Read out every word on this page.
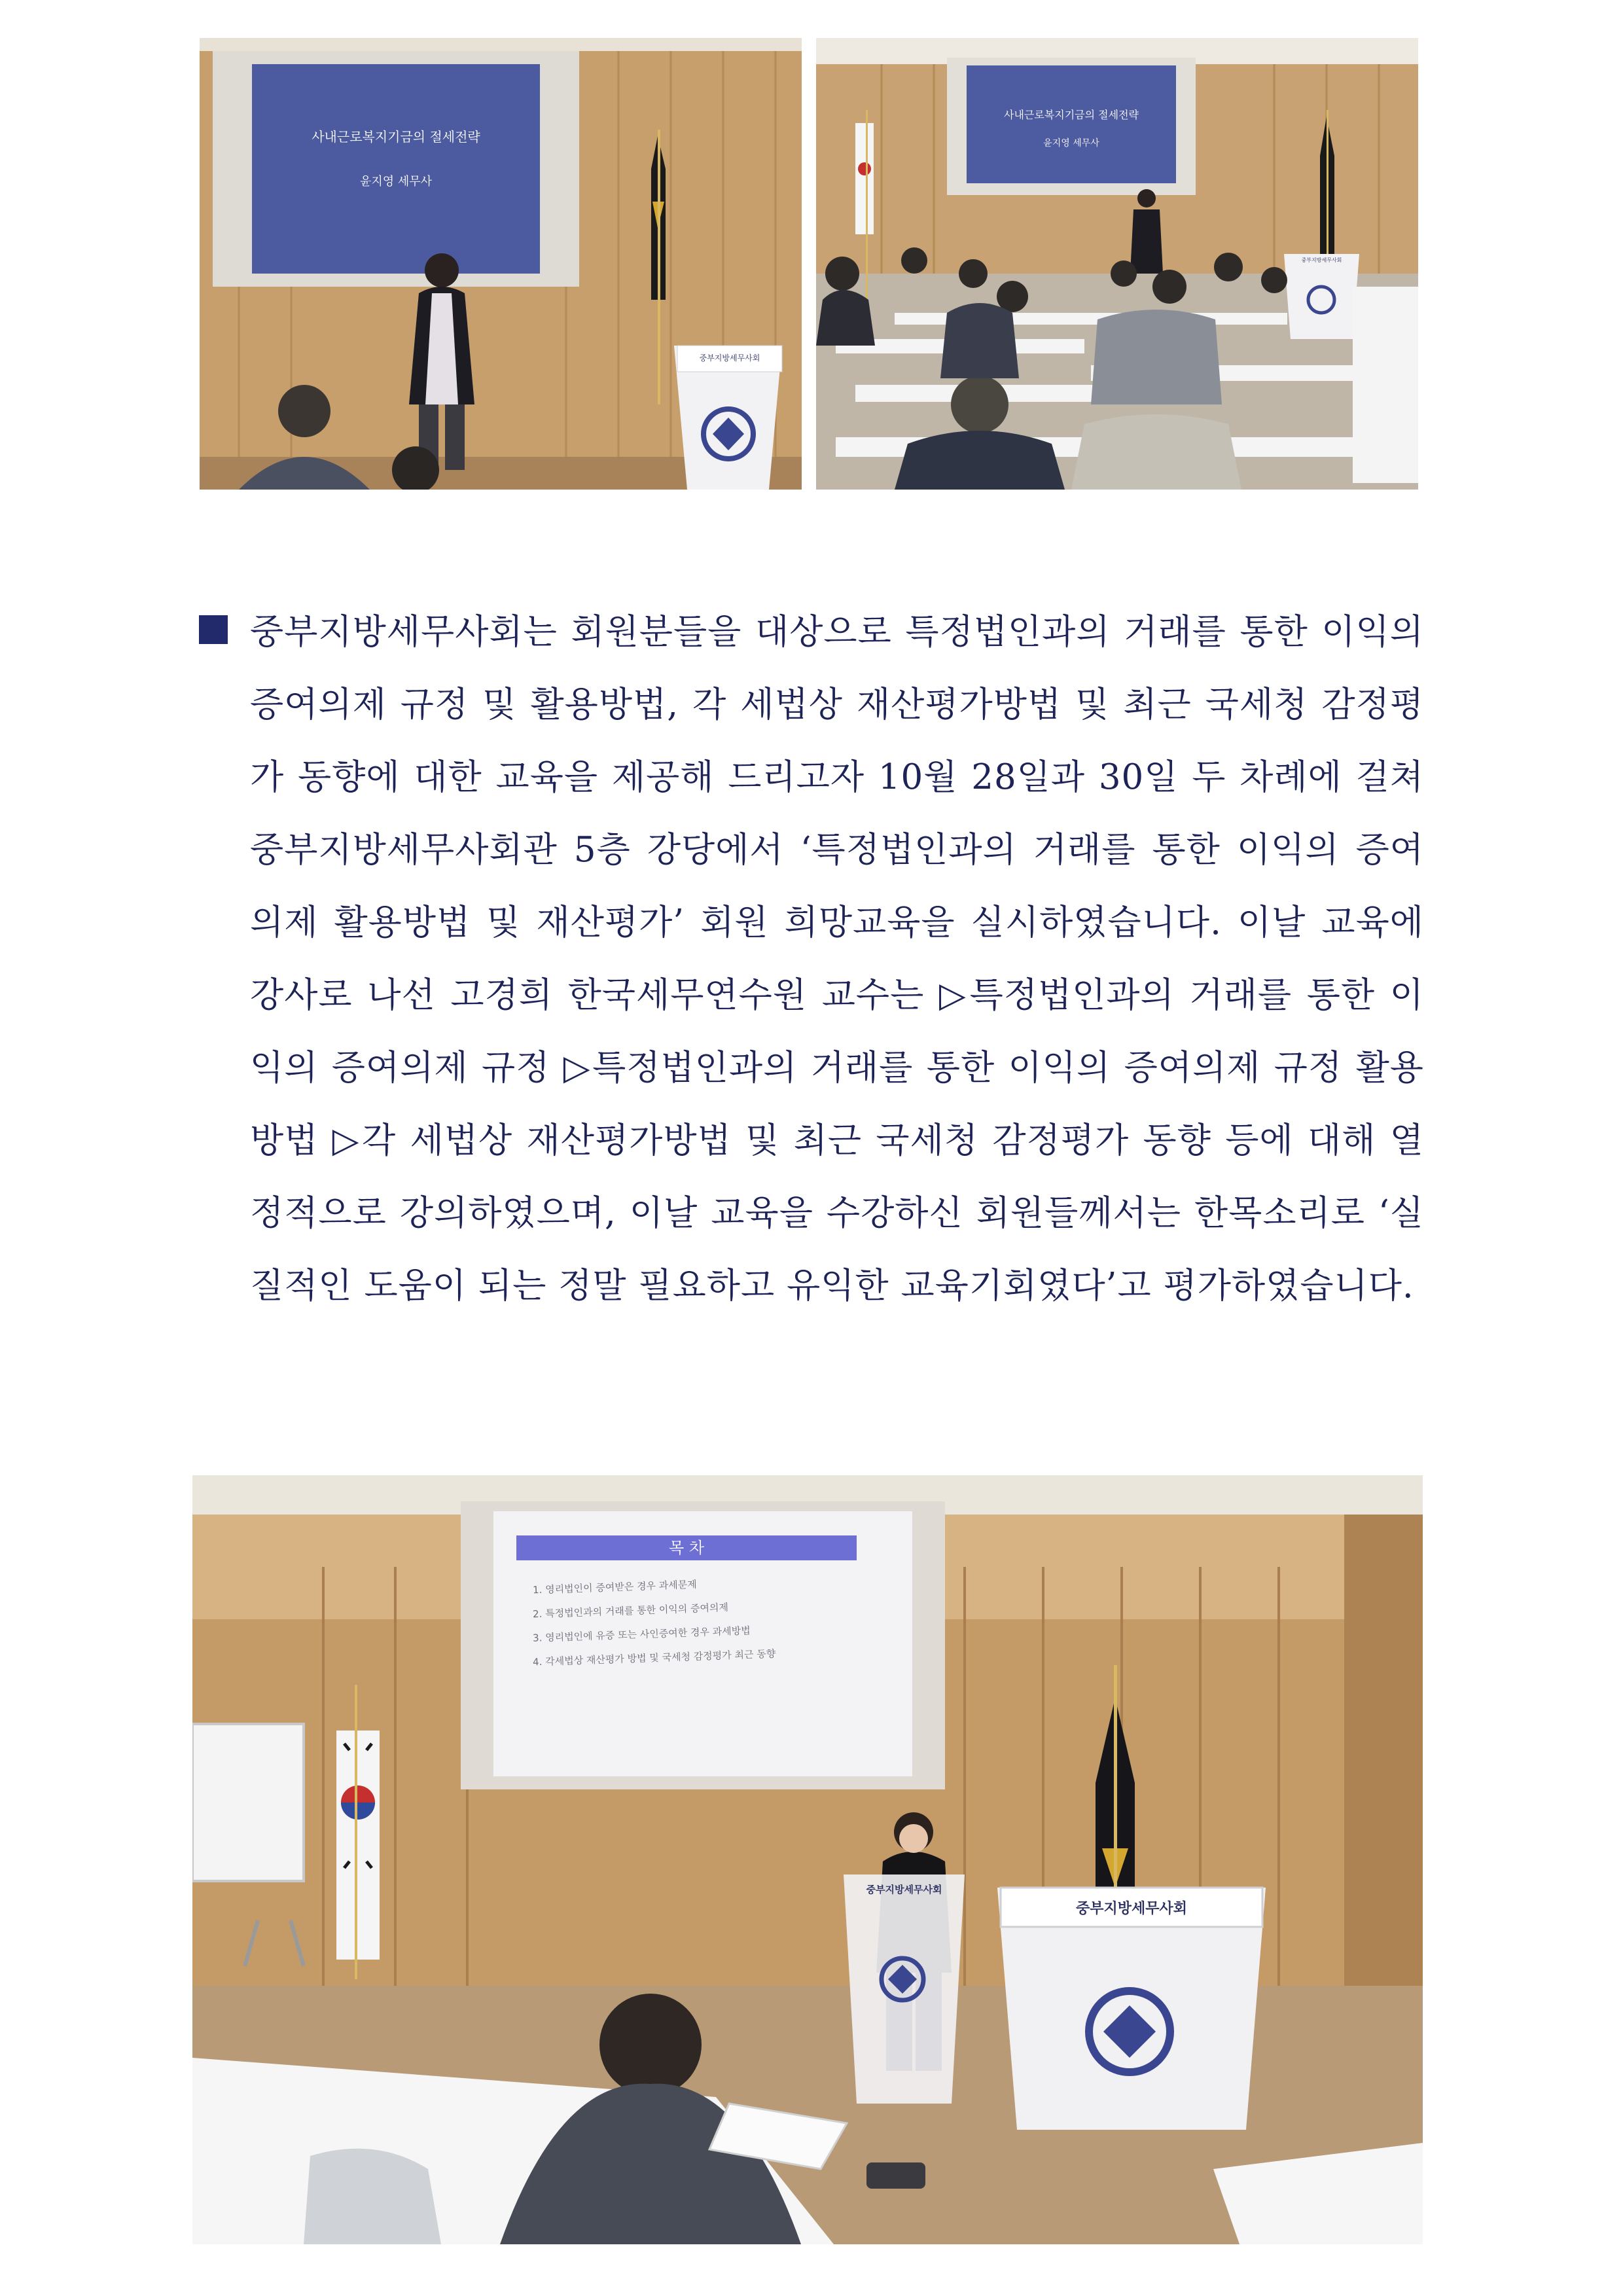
사내근로복지기금의 절세전략
윤지영 세무사
중부지방세무사회
사내근로복지기금의 절세전략
윤지영 세무사
중부지방세무사회

중부지방세무사회는 회원분들을 대상으로 특정법인과의 거래를 통한 이익의 증여의제 규정 및 활용방법, 각 세법상 재산평가방법 및 최근 국세청 감정평가 동향에 대한 교육을 제공해 드리고자 10월 28일과 30일 두 차례에 걸쳐 중부지방세무사회관 5층 강당에서 ‘특정법인과의 거래를 통한 이익의 증여의제 활용방법 및 재산평가’ 회원 희망교육을 실시하였습니다. 이날 교육에 강사로 나선 고경희 한국세무연수원 교수는 ▷특정법인과의 거래를 통한 이익의 증여의제 규정 ▷특정법인과의 거래를 통한 이익의 증여의제 규정 활용방법 ▷각 세법상 재산평가방법 및 최근 국세청 감정평가 동향 등에 대해 열정적으로 강의하였으며, 이날 교육을 수강하신 회원들께서는 한목소리로 ‘실질적인 도움이 되는 정말 필요하고 유익한 교육기회였다’고 평가하였습니다.

목 차
1. 영리법인이 증여받은 경우 과세문제
2. 특정법인과의 거래를 통한 이익의 증여의제
3. 영리법인에 유증 또는 사인증여한 경우 과세방법
4. 각세법상 재산평가 방법 및 국세청 감정평가 최근 동향
중부지방세무사회
중부지방세무사회
